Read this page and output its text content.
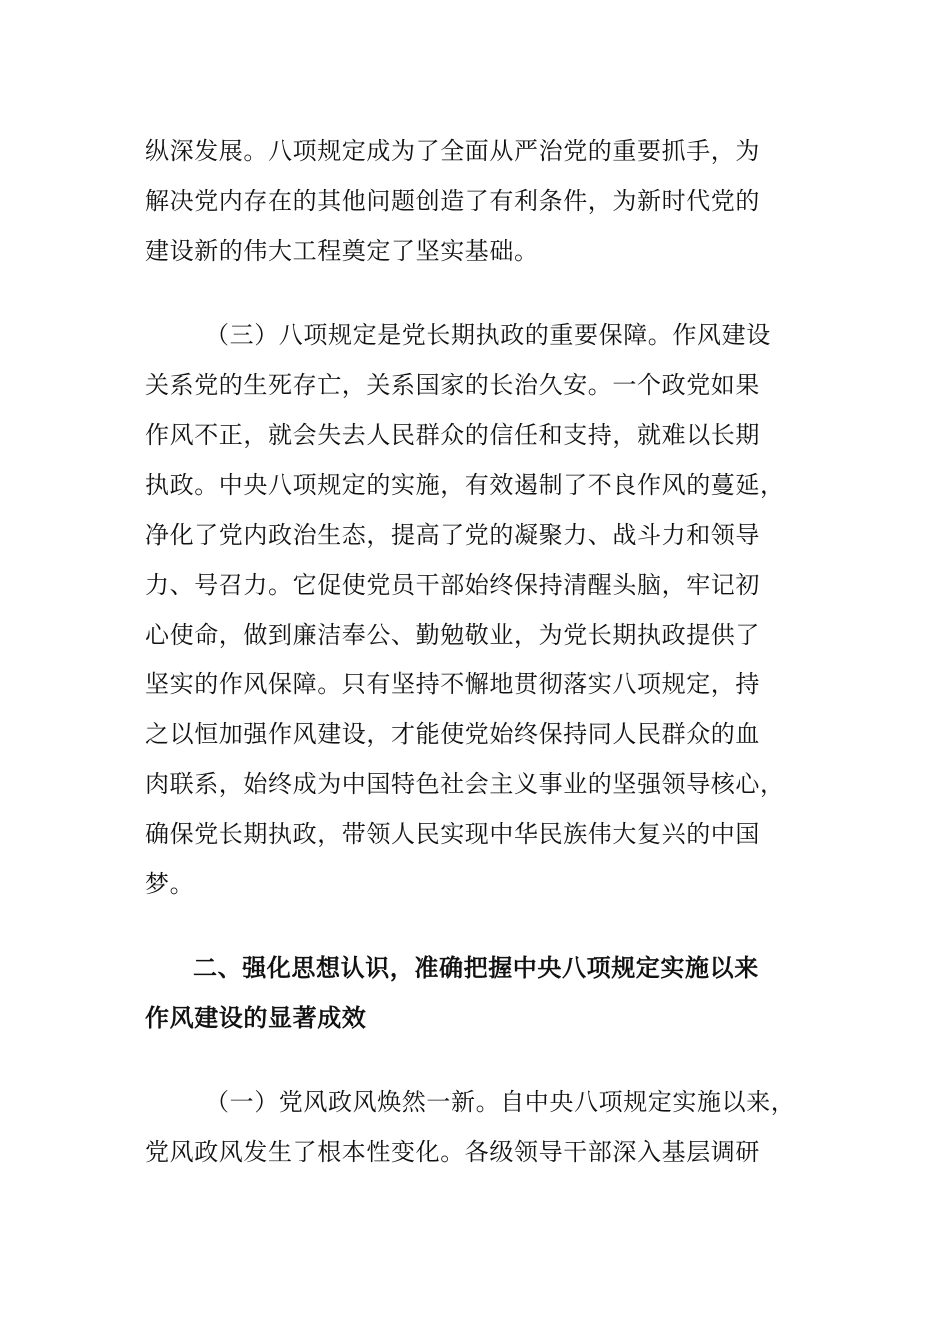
纵深发展。八项规定成为了全面从严治党的重要抓手，为
解决党内存在的其他问题创造了有利条件，为新时代党的
建设新的伟大工程奠定了坚实基础。
（三）八项规定是党长期执政的重要保障。作风建设
关系党的生死存亡，关系国家的长治久安。一个政党如果
作风不正，就会失去人民群众的信任和支持，就难以长期
执政。中央八项规定的实施，有效遏制了不良作风的蔓延，
净化了党内政治生态，提高了党的凝聚力、战斗力和领导
力、号召力。它促使党员干部始终保持清醒头脑，牢记初
心使命，做到廉洁奉公、勤勉敬业，为党长期执政提供了
坚实的作风保障。只有坚持不懈地贯彻落实八项规定，持
之以恒加强作风建设，才能使党始终保持同人民群众的血
肉联系，始终成为中国特色社会主义事业的坚强领导核心，
确保党长期执政，带领人民实现中华民族伟大复兴的中国
梦。
二、强化思想认识，准确把握中央八项规定实施以来
作风建设的显著成效
（一）党风政风焕然一新。自中央八项规定实施以来，
党风政风发生了根本性变化。各级领导干部深入基层调研
